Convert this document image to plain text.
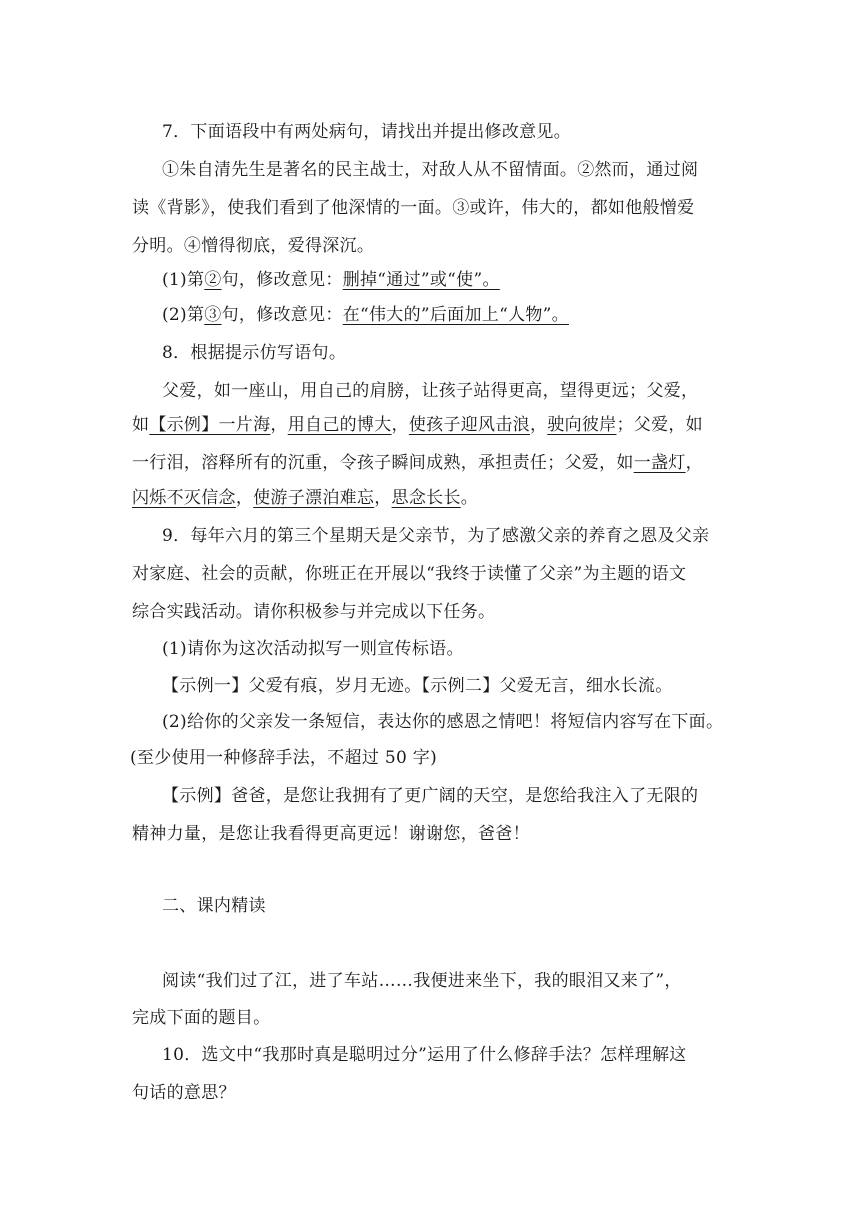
7．下面语段中有两处病句，请找出并提出修改意见。
①朱自清先生是著名的民主战士，对敌人从不留情面。②然而，通过阅
读《背影》，使我们看到了他深情的一面。③或许，伟大的，都如他般憎爱
分明。④憎得彻底，爱得深沉。
(1)第②句，修改意见：删掉“通过”或“使”。
(2)第③句，修改意见：在“伟大的”后面加上“人物”。
8．根据提示仿写语句。
父爱，如一座山，用自己的肩膀，让孩子站得更高，望得更远；父爱，
如【示例】一片海，用自己的博大，使孩子迎风击浪，驶向彼岸；父爱，如
一行泪，溶释所有的沉重，令孩子瞬间成熟，承担责任；父爱，如一盏灯，
闪烁不灭信念，使游子漂泊难忘，思念长长。
9．每年六月的第三个星期天是父亲节，为了感激父亲的养育之恩及父亲
对家庭、社会的贡献，你班正在开展以“我终于读懂了父亲”为主题的语文
综合实践活动。请你积极参与并完成以下任务。
(1)请你为这次活动拟写一则宣传标语。
【示例一】父爱有痕，岁月无迹。【示例二】父爱无言，细水长流。
(2)给你的父亲发一条短信，表达你的感恩之情吧！将短信内容写在下面。
(至少使用一种修辞手法，不超过 50 字)
【示例】爸爸，是您让我拥有了更广阔的天空，是您给我注入了无限的
精神力量，是您让我看得更高更远！谢谢您，爸爸！
二、课内精读
阅读“我们过了江，进了车站……我便进来坐下，我的眼泪又来了”，
完成下面的题目。
10．选文中“我那时真是聪明过分”运用了什么修辞手法？怎样理解这
句话的意思？
